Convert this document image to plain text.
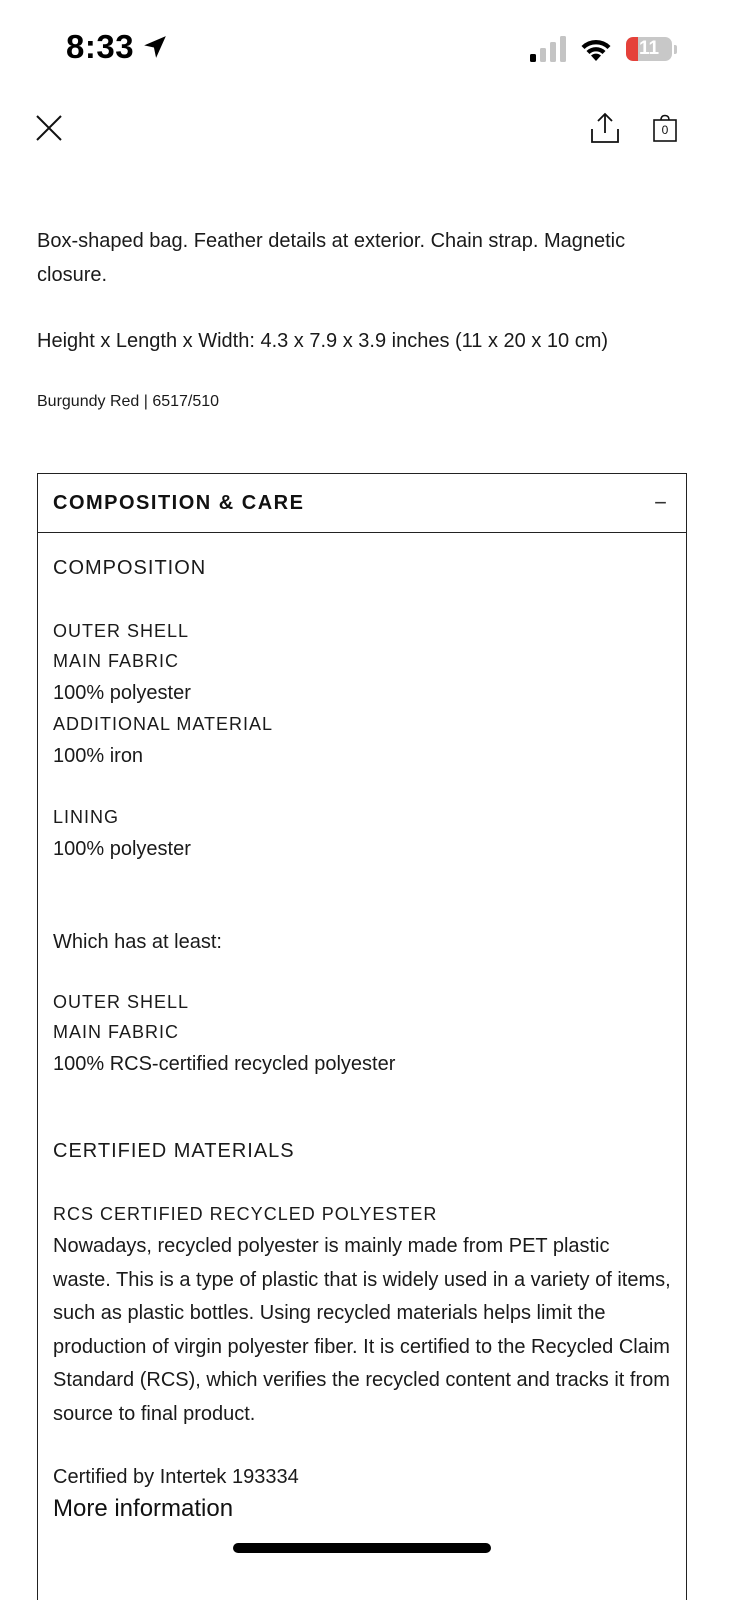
8:33	11
0
Box-shaped bag. Feather details at exterior. Chain strap. Magnetic closure.
Height x Length x Width: 4.3 x 7.9 x 3.9 inches (11 x 20 x 10 cm)
Burgundy Red | 6517/510
COMPOSITION & CARE	−
COMPOSITION
OUTER SHELL
MAIN FABRIC
100% polyester
ADDITIONAL MATERIAL
100% iron
LINING
100% polyester
Which has at least:
OUTER SHELL
MAIN FABRIC
100% RCS-certified recycled polyester
CERTIFIED MATERIALS
RCS CERTIFIED RECYCLED POLYESTER
Nowadays, recycled polyester is mainly made from PET plastic waste. This is a type of plastic that is widely used in a variety of items, such as plastic bottles. Using recycled materials helps limit the production of virgin polyester fiber. It is certified to the Recycled Claim Standard (RCS), which verifies the recycled content and tracks it from source to final product.
Certified by Intertek 193334
More information
